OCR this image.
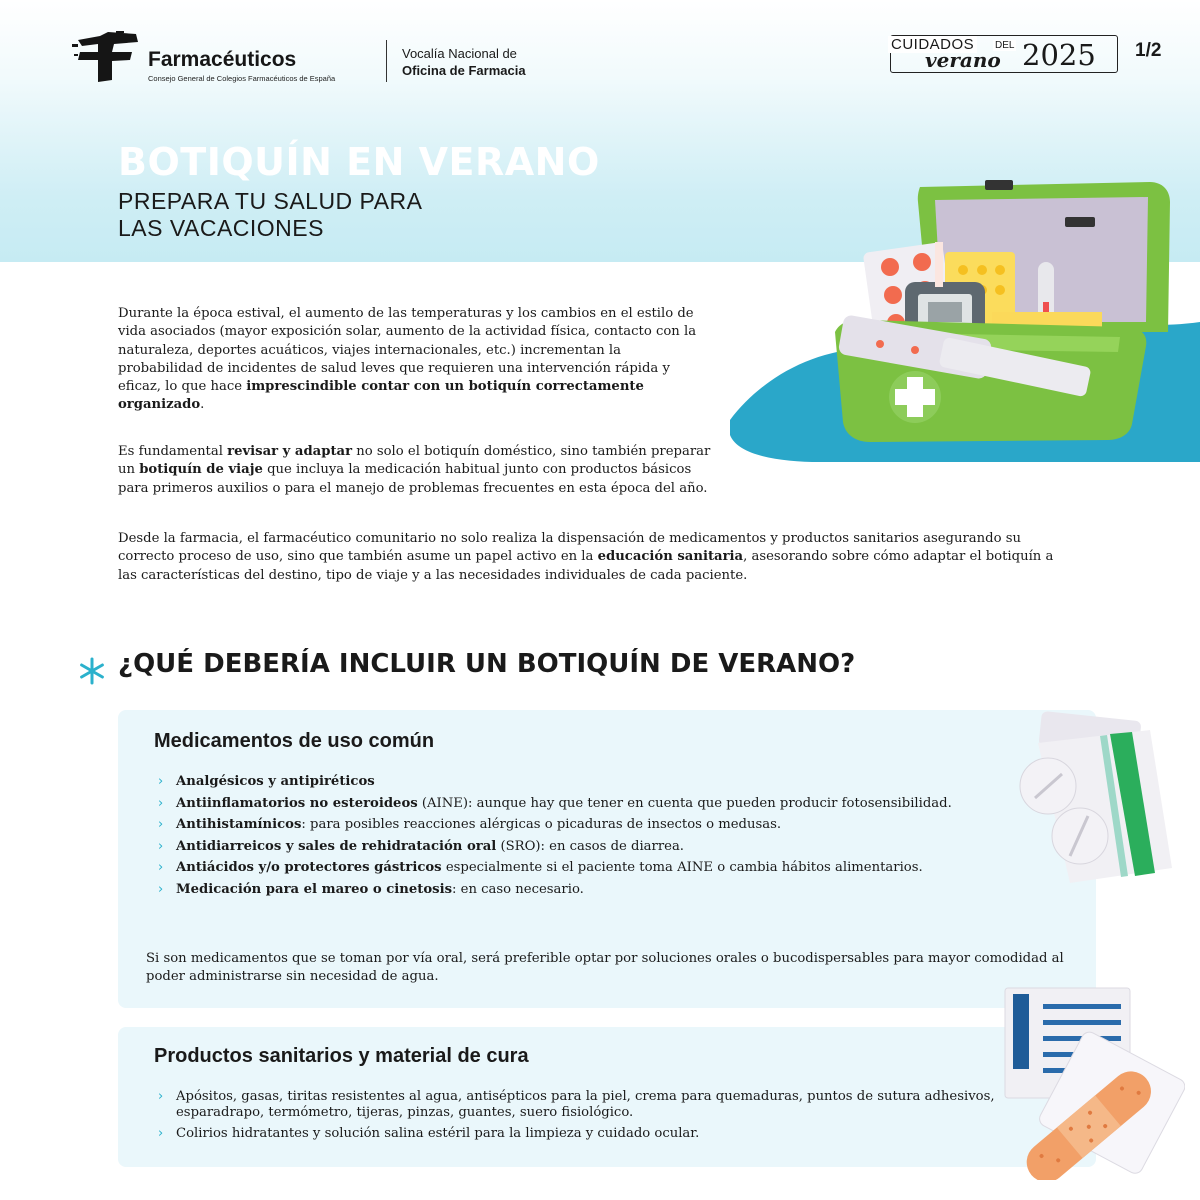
Farmacéuticos
Consejo General de Colegios Farmacéuticos de España
Vocalía Nacional de
Oficina de Farmacia
CUIDADOS	DEL
verano 2025 1/2
BOTIQUÍN EN VERANO
PREPARA TU SALUD PARA
LAS VACACIONES

Durante la época estival, el aumento de las temperaturas y los cambios en el estilo de vida asociados (mayor exposición solar, aumento de la actividad física, contacto con la naturaleza, deportes acuáticos, viajes internacionales, etc.) incrementan la probabilidad de incidentes de salud leves que requieren una intervención rápida y eficaz, lo que hace imprescindible contar con un botiquín correctamente organizado.

Es fundamental revisar y adaptar no solo el botiquín doméstico, sino también preparar un botiquín de viaje que incluya la medicación habitual junto con productos básicos para primeros auxilios o para el manejo de problemas frecuentes en esta época del año.

Desde la farmacia, el farmacéutico comunitario no solo realiza la dispensación de medicamentos y productos sanitarios asegurando su correcto proceso de uso, sino que también asume un papel activo en la educación sanitaria, asesorando sobre cómo adaptar el botiquín a las características del destino, tipo de viaje y a las necesidades individuales de cada paciente.

¿QUÉ DEBERÍA INCLUIR UN BOTIQUÍN DE VERANO?
Medicamentos de uso común
› Analgésicos y antipiréticos
› Antiinflamatorios no esteroideos (AINE): aunque hay que tener en cuenta que pueden producir fotosensibilidad.
› Antihistamínicos: para posibles reacciones alérgicas o picaduras de insectos o medusas.
› Antidiarreicos y sales de rehidratación oral (SRO): en casos de diarrea.
› Antiácidos y/o protectores gástricos especialmente si el paciente toma AINE o cambia hábitos alimentarios.
› Medicación para el mareo o cinetosis: en caso necesario.

Si son medicamentos que se toman por vía oral, será preferible optar por soluciones orales o bucodispersables para mayor comodidad al poder administrarse sin necesidad de agua.

Productos sanitarios y material de cura
› Apósitos, gasas, tiritas resistentes al agua, antisépticos para la piel, crema para quemaduras, puntos de sutura adhesivos, esparadrapo, termómetro, tijeras, pinzas, guantes, suero fisiológico.
› Colirios hidratantes y solución salina estéril para la limpieza y cuidado ocular.
